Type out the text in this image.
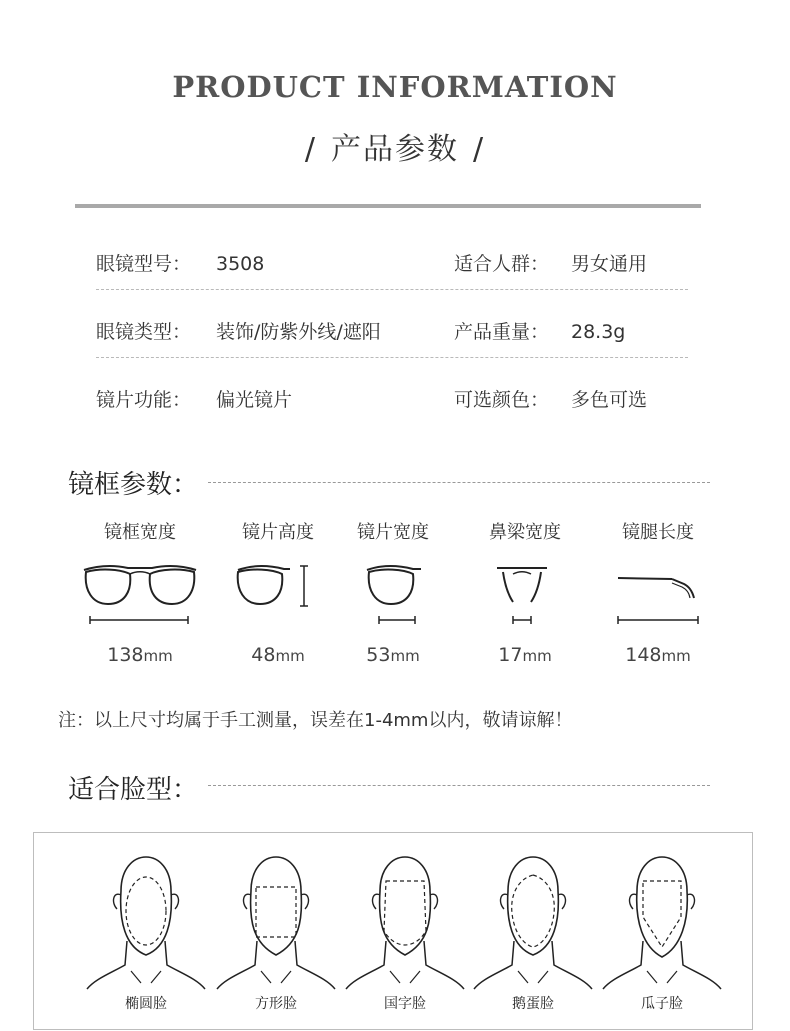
PRODUCT INFORMATION
/ 产品参数 /
眼镜型号： 3508	适合人群： 男女通用
眼镜类型： 装饰/防紫外线/遮阳	产品重量： 28.3g
镜片功能： 偏光镜片	可选颜色： 多色可选
镜框参数：
镜框宽度
138mm
镜片高度
48mm
镜片宽度
53mm
鼻梁宽度
17mm
镜腿长度
148mm
注：以上尺寸均属于手工测量，误差在1-4mm以内，敬请谅解！
适合脸型：
椭圆脸	方形脸	国字脸	鹅蛋脸	瓜子脸
